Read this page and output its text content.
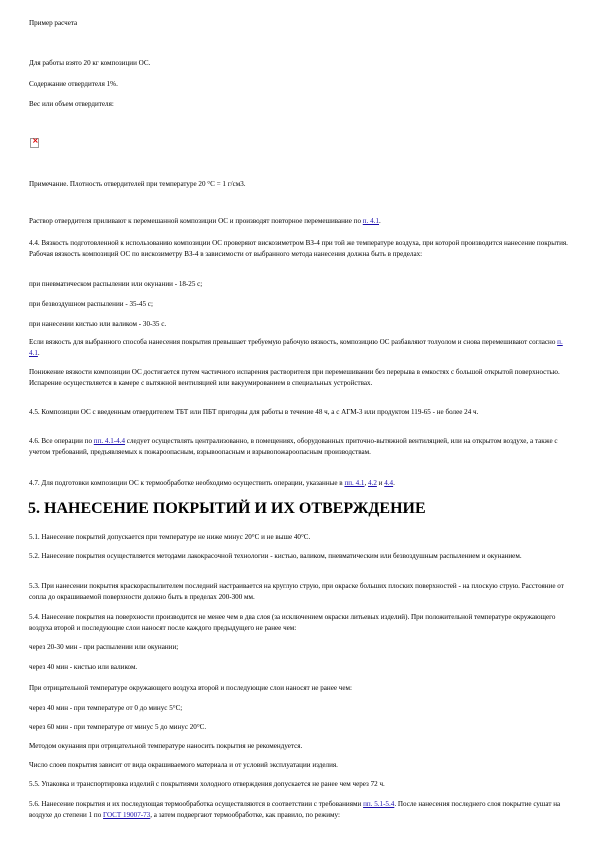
Пример расчета

Для работы взято 20 кг композиции ОС.

Содержание отвердителя 1%.

Вес или объем отвердителя:

×

Примечание. Плотность отвердителей при температуре 20 °С = 1 г/см3.

Раствор отвердителя приливают к перемешанной композиции ОС и производят повторное перемешивание по п. 4.1.

4.4. Вязкость подготовленной к использованию композиции ОС проверяют вискозиметром ВЗ-4 при той же температуре воздуха, при которой производится нанесение покрытия. Рабочая вязкость композиций ОС по вискозиметру ВЗ-4 в зависимости от выбранного метода нанесения должна быть в пределах:

при пневматическом распылении или окунании - 18-25 с;

при безвоздушном распылении - 35-45 с;

при нанесении кистью или валиком - 30-35 с.

Если вязкость для выбранного способа нанесения покрытия превышает требуемую рабочую вязкость, композицию ОС разбавляют толуолом и снова перемешивают согласно п. 4.1.

Понижение вязкости композиции ОС достигается путем частичного испарения растворителя при перемешивании без перерыва в емкостях с большой открытой поверхностью. Испарение осуществляется в камере с вытяжной вентиляцией или вакуумированием в специальных устройствах.

4.5. Композиции ОС с введенным отвердителем ТБТ или ПБТ пригодны для работы в течение 48 ч, а с АГМ-3 или продуктом 119-65 - не более 24 ч.

4.6. Все операции по пп. 4.1-4.4 следует осуществлять централизованно, в помещениях, оборудованных приточно-вытяжной вентиляцией, или на открытом воздухе, а также с учетом требований, предъявляемых к пожароопасным, взрывоопасным и взрывопожароопасным производствам.

4.7. Для подготовки композиции ОС к термообработке необходимо осуществить операции, указанные в пп. 4.1, 4.2 и 4.4.

5. НАНЕСЕНИЕ ПОКРЫТИЙ И ИХ ОТВЕРЖДЕНИЕ

5.1. Нанесение покрытий допускается при температуре не ниже минус 20°С и не выше 40°С.

5.2. Нанесение покрытия осуществляется методами лакокрасочной технологии - кистью, валиком, пневматическим или безвоздушным распылением и окунанием.

5.3. При нанесении покрытия краскораспылителем последний настраивается на круглую струю, при окраске больших плоских поверхностей - на плоскую струю. Расстояние от сопла до окрашиваемой поверхности должно быть в пределах 200-300 мм.

5.4. Нанесение покрытия на поверхности производится не менее чем в два слоя (за исключением окраски литьевых изделий). При положительной температуре окружающего воздуха второй и последующие слои наносят после каждого предыдущего не ранее чем:

через 20-30 мин - при распылении или окунании;

через 40 мин - кистью или валиком.

При отрицательной температуре окружающего воздуха второй и последующие слои наносят не ранее чем:

через 40 мин - при температуре от 0 до минус 5°С;

через 60 мин - при температуре от минус 5 до минус 20°С.

Методом окунания при отрицательной температуре наносить покрытия не рекомендуется.

Число слоев покрытия зависит от вида окрашиваемого материала и от условий эксплуатации изделия.

5.5. Упаковка и транспортировка изделий с покрытиями холодного отверждения допускается не ранее чем через 72 ч.

5.6. Нанесение покрытия и их последующая термообработка осуществляются в соответствии с требованиями пп. 5.1-5.4. После нанесения последнего слоя покрытие сушат на воздухе до степени 1 по ГОСТ 19007-73, а затем подвергают термообработке, как правило, по режиму:
